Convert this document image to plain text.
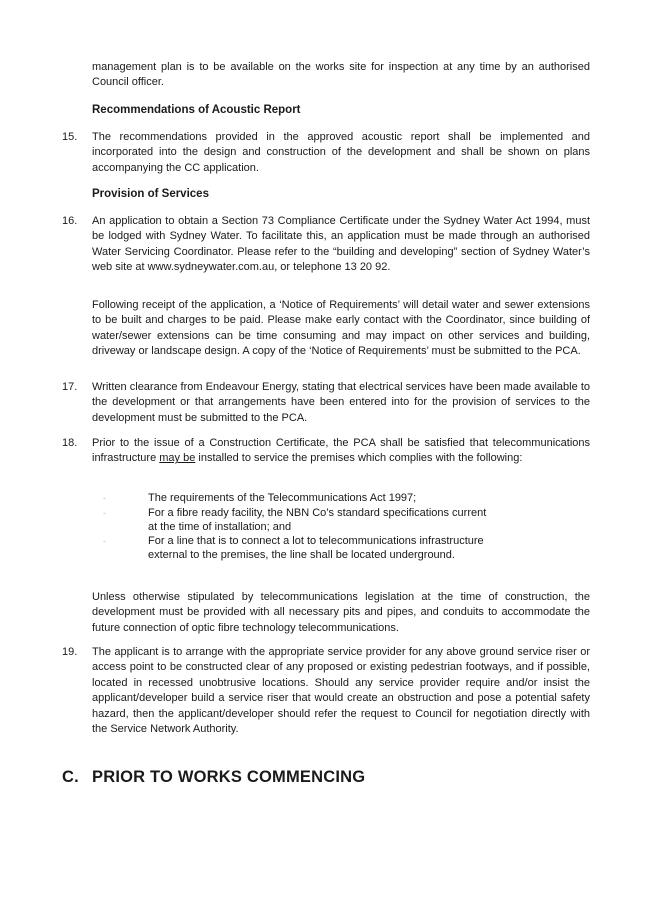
management plan is to be available on the works site for inspection at any time by an authorised Council officer.
Recommendations of Acoustic Report
15. The recommendations provided in the approved acoustic report shall be implemented and incorporated into the design and construction of the development and shall be shown on plans accompanying the CC application.
Provision of Services
16. An application to obtain a Section 73 Compliance Certificate under the Sydney Water Act 1994, must be lodged with Sydney Water. To facilitate this, an application must be made through an authorised Water Servicing Coordinator. Please refer to the “building and developing” section of Sydney Water’s web site at www.sydneywater.com.au, or telephone 13 20 92.
Following receipt of the application, a ‘Notice of Requirements’ will detail water and sewer extensions to be built and charges to be paid. Please make early contact with the Coordinator, since building of water/sewer extensions can be time consuming and may impact on other services and building, driveway or landscape design. A copy of the ‘Notice of Requirements’ must be submitted to the PCA.
17. Written clearance from Endeavour Energy, stating that electrical services have been made available to the development or that arrangements have been entered into for the provision of services to the development must be submitted to the PCA.
18. Prior to the issue of a Construction Certificate, the PCA shall be satisfied that telecommunications infrastructure may be installed to service the premises which complies with the following:
-	The requirements of the Telecommunications Act 1997;
-	For a fibre ready facility, the NBN Co’s standard specifications current at the time of installation; and
-	For a line that is to connect a lot to telecommunications infrastructure external to the premises, the line shall be located underground.
Unless otherwise stipulated by telecommunications legislation at the time of construction, the development must be provided with all necessary pits and pipes, and conduits to accommodate the future connection of optic fibre technology telecommunications.
19. The applicant is to arrange with the appropriate service provider for any above ground service riser or access point to be constructed clear of any proposed or existing pedestrian footways, and if possible, located in recessed unobtrusive locations. Should any service provider require and/or insist the applicant/developer build a service riser that would create an obstruction and pose a potential safety hazard, then the applicant/developer should refer the request to Council for negotiation directly with the Service Network Authority.
C. PRIOR TO WORKS COMMENCING
